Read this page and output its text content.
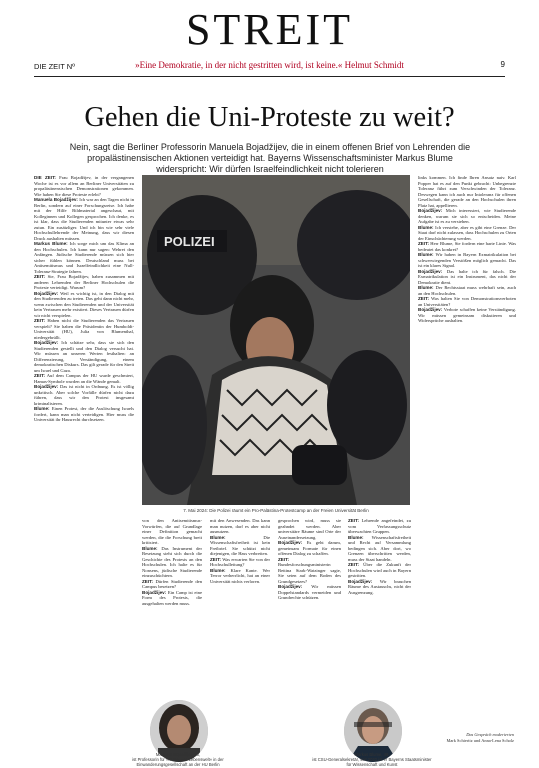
STREIT
DIE ZEIT Nº	»Eine Demokratie, in der nicht gestritten wird, ist keine.« Helmut Schmidt	9
Gehen die Uni-Proteste zu weit?
Nein, sagt die Berliner Professorin Manuela Bojadžijev, die in einem offenen Brief von Lehrenden die propalästinensischen Aktionen verteidigt hat. Bayerns Wissenschaftsminister Markus Blume widerspricht: Wir dürfen Israelfeindlichkeit nicht tolerieren

DIE ZEIT: Frau Bojadžijev, in der vergangenen Woche ist es vor allem an Berliner Universitäten zu propalästinensischen Demonstrationen gekommen. Wie haben Sie diese Proteste erlebt?

Manuela Bojadžijev: Ich war an den Tagen nicht in Berlin, sondern auf einer Forschungsreise. Ich habe mit der Hilfe Bildmaterial angeschaut, mit Kolleginnen und Kollegen gesprochen. Ich denke, es ist klar, dass die Studierenden mitunter etwas sehr zutun. Ein zusätzliger. Und ich bin wie sehr viele Hochschullehrende der Meinung, dass wir diesen Druck aushalten müssen.

Markus Blume: Ich sorge mich um das Klima an den Hochschulen. Ich kann nur sagen: Wehret den Anfängen. Jüdische Studierende müssen sich hier sicher fühlen können. Deutschland muss bei Antisemitismus und Israelfeindlichkeit eine Null-Toleranz-Strategie fahren.

ZEIT: Sie, Frau Bojadžijev, haben zusammen mit anderen Lehrenden der Berliner Hochschulen die Proteste verteidigt. Warum?

Bojadžijev: Weil es wichtig ist, in den Dialog mit den Studierenden zu treten. Das geht dann nicht mehr, wenn zwischen den Studierenden und der Universität kein Vertrauen mehr existiert. Dieses Vertrauen dürfen wir nicht verspielen.

ZEIT: Haben nicht die Studierenden das Vertrauen verspielt? Sie haben die Präsidentin der Humboldt-Universität (HU), Julia von Blumenthal, niedergebrüllt.

Bojadžijev: Ich schätze sehr, dass sie sich den Studierenden gestellt und den Dialog versucht hat. Wir müssen an unseren Werten festhalten: an Differenzierung, Verständigung, einem demokratischen Diskurs. Das gilt gerade für den Streit um Israel und Gaza.

ZEIT: Auf dem Campus der HU wurde geschmiert, Hamas-Symbole wurden an die Wände gemalt.

Bojadžijev: Das ist nicht in Ordnung. Es ist völlig unkritisch. Aber solche Vorfälle dürfen nicht dazu führen, dass wir den Protest insgesamt kriminalisieren.

Blume: Einen Protest, der die Auslöschung Israels fordert, kann man nicht verteidigen. Hier muss die Universität ihr Hausrecht durchsetzen.

POLIZEI
7. Mai 2024: Die Polizei räumt ein Pro-Palästina-Protestcamp an der Freien Universität Berlin

von den Antisemitismus-Vorwürfen, die auf Grundlage einer Definition gemacht werden, die die Forschung breit kritisiert.

Blume: Das Instrument der Besetzung sieht sich durch die Geschichte des Protests an den Hochschulen. Ich halte es für Nonsens, jüdische Studierende einzuschüchtern.

ZEIT: Dürfen Studierende den Campus besetzen?

Bojadžijev: Ein Camp ist eine Form des Protests, die ausgehalten werden muss.

mit den Anwesenden. Das kann man nutzen, darf es aber nicht ausnutzen.

Blume:	Die Wissenschaftsfreiheit ist kein Freibrief. Sie schützt nicht diejenigen, die Hass verbreiten.

ZEIT: Was erwarten Sie von der Hochschulleitung?

Blume: Klare Kante. Wer Terror verherrlicht, hat an einer Universität nichts verloren.

gesprochen wird, muss sie geahndet werden. Aber universitäre Räume sind Orte der Auseinandersetzung.

Bojadžijev: Es geht darum, gemeinsam Formate für einen offenen Dialog zu schaffen.

ZEIT: Bundesforschungsministerin Bettina Stark-Watzinger sagte, Sie seien auf dem Boden des Grundgesetzes?

Bojadžijev: Wir müssen Doppelstandards vermeiden und Grundrechte schützen.

ZEIT: Lehrende angefeindet, zu vom Verfassungsschutz überwachten Gruppen.

Blume: Wissenschaftsfreiheit und Recht auf Versammlung bedingen sich. Aber dort, wo Grenzen überschritten werden, muss der Staat handeln.

ZEIT: Über die Zukunft der Hochschulen wird auch in Bayern gestritten.

Bojadžijev: Wir brauchen Räume des Austauschs, nicht der Ausgrenzung.

links kommen. Ich finde Ihren Ansatz naiv. Karl Popper hat es auf den Punkt gebracht: Unbegrenzte Toleranz führt zum Verschwinden der Toleranz. Deswegen kann ich auch nur Intoleranz für offenen Gesellschaft, die gerade an den Hochschulen ihren Platz hat, appellieren.

Bojadžijev: Mich interessiert, wie Studierende denken, warum sie sich so entscheiden. Meine Aufgabe ist es zu verstehen.

Blume: Ich verstehe, aber es gibt eine Grenze. Der Staat darf nicht zulassen, dass Hochschulen zu Orten der Einschüchterung werden.

ZEIT: Herr Blume, Sie fordern eine harte Linie. Was bedeutet das konkret?

Blume: Wir haben in Bayern Exmatrikulation bei schwerwiegenden Verstößen möglich gemacht. Das ist ein klares Signal.

Bojadžijev: Das halte ich für falsch. Die Exmatrikulation ist ein Instrument, das nicht der Demokratie dient.

Blume: Der Rechtsstaat muss wehrhaft sein, auch an den Hochschulen.

ZEIT: Was halten Sie von Demonstrationsverboten an Universitäten?

Bojadžijev: Verbote schaffen keine Verständigung. Wir müssen gemeinsam diskutieren und Widersprüche aushalten.

Manuela Bojadžijev, 53,
ist Professorin für »Kultur und Lebenswelt« in der Einwanderungsgesellschaft an der HU Berlin
Markus Blume, 49,
ist CSU-Generalsekretär, seit 2022 ist er Bayerns Staatsminister für Wissenschaft und Kunst
Das Gespräch moderierten
Mark Schieritz und Anna-Lena Scholz
